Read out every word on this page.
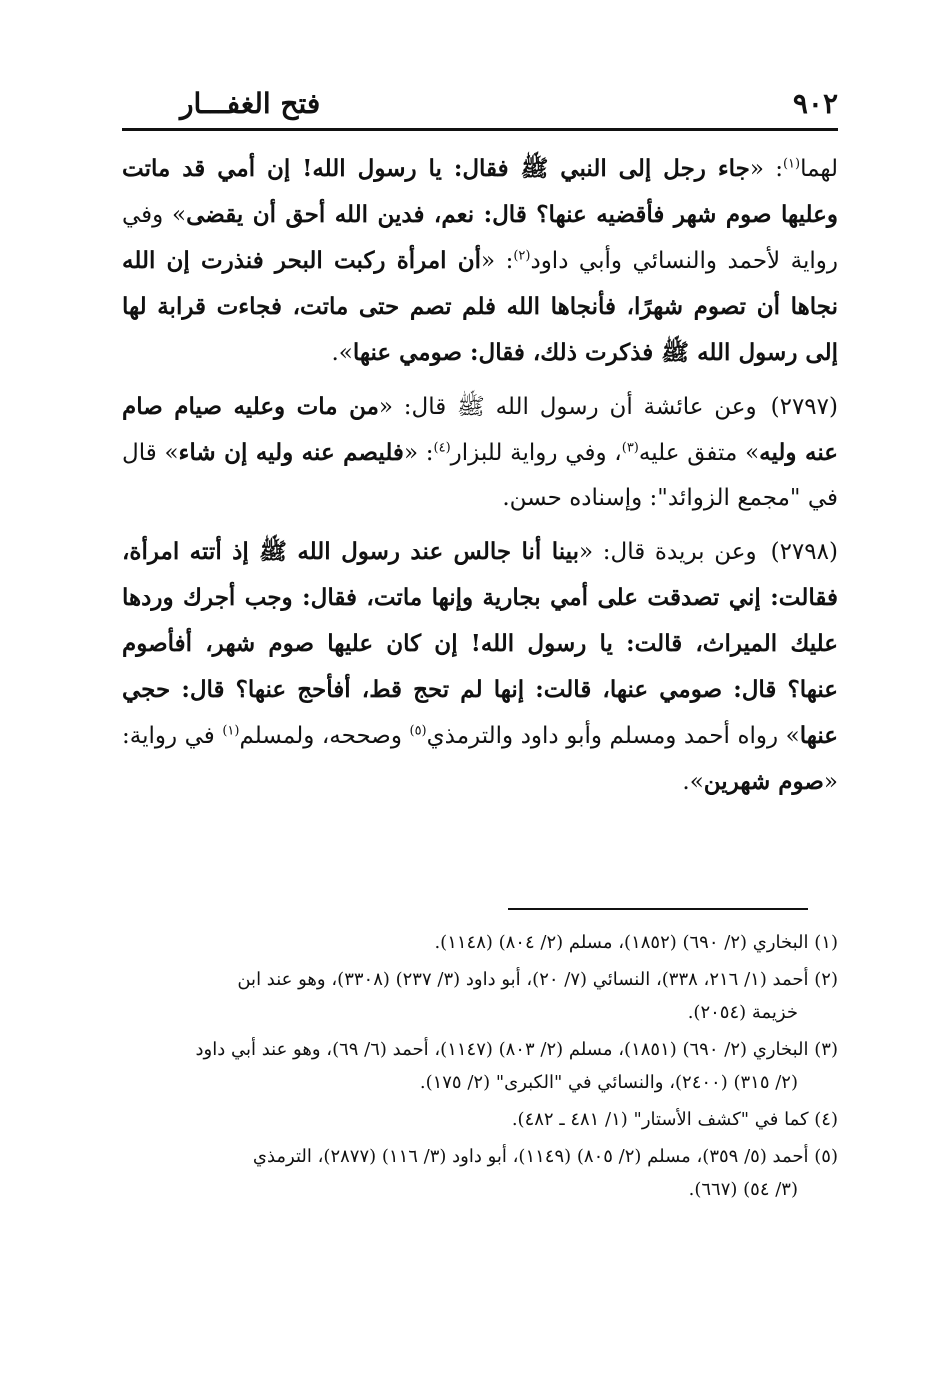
٩٠٢
فتح الغفـــار

لهما$^{(١)}$: «جاء رجل إلى النبي ﷺ فقال: يا رسول الله! إن أمي قد ماتت وعليها صوم شهر فأقضيه عنها؟ قال: نعم، فدين الله أحق أن يقضى» وفي رواية لأحمد والنسائي وأبي داود$^{(٢)}$: «أن امرأة ركبت البحر فنذرت إن الله نجاها أن تصوم شهرًا، فأنجاها الله فلم تصم حتى ماتت، فجاءت قرابة لها إلى رسول الله ﷺ فذكرت ذلك، فقال: صومي عنها».

(٢٧٩٧)وعن عائشة أن رسول الله ﷺ قال: «من مات وعليه صيام صام عنه وليه» متفق عليه$^{(٣)}$، وفي رواية للبزار$^{(٤)}$: «فليصم عنه وليه إن شاء» قال في "مجمع الزوائد": وإسناده حسن.

(٢٧٩٨)وعن بريدة قال: «بينا أنا جالس عند رسول الله ﷺ إذ أتته امرأة، فقالت: إني تصدقت على أمي بجارية وإنها ماتت، فقال: وجب أجرك وردها عليك الميراث، قالت: يا رسول الله! إن كان عليها صوم شهر، أفأصوم عنها؟ قال: صومي عنها، قالت: إنها لم تحج قط، أفأحج عنها؟ قال: حجي عنها» رواه أحمد ومسلم وأبو داود والترمذي$^{(٥)}$ وصححه، ولمسلم$^{(١)}$ في رواية: «صوم شهرين».

(١) البخاري (٢/ ٦٩٠) (١٨٥٢)، مسلم (٢/ ٨٠٤) (١١٤٨).
(٢) أحمد (١/ ٢١٦، ٣٣٨)، النسائي (٧/ ٢٠)، أبو داود (٣/ ٢٣٧) (٣٣٠٨)، وهو عند ابن
خزيمة (٢٠٥٤).
(٣) البخاري (٢/ ٦٩٠) (١٨٥١)، مسلم (٢/ ٨٠٣) (١١٤٧)، أحمد (٦/ ٦٩)، وهو عند أبي داود
(٢/ ٣١٥) (٢٤٠٠)، والنسائي في "الكبرى" (٢/ ١٧٥).
(٤) كما في "كشف الأستار" (١/ ٤٨١ ـ ٤٨٢).
(٥) أحمد (٥/ ٣٥٩)، مسلم (٢/ ٨٠٥) (١١٤٩)، أبو داود (٣/ ١١٦) (٢٨٧٧)، الترمذي
(٣/ ٥٤) (٦٦٧).
